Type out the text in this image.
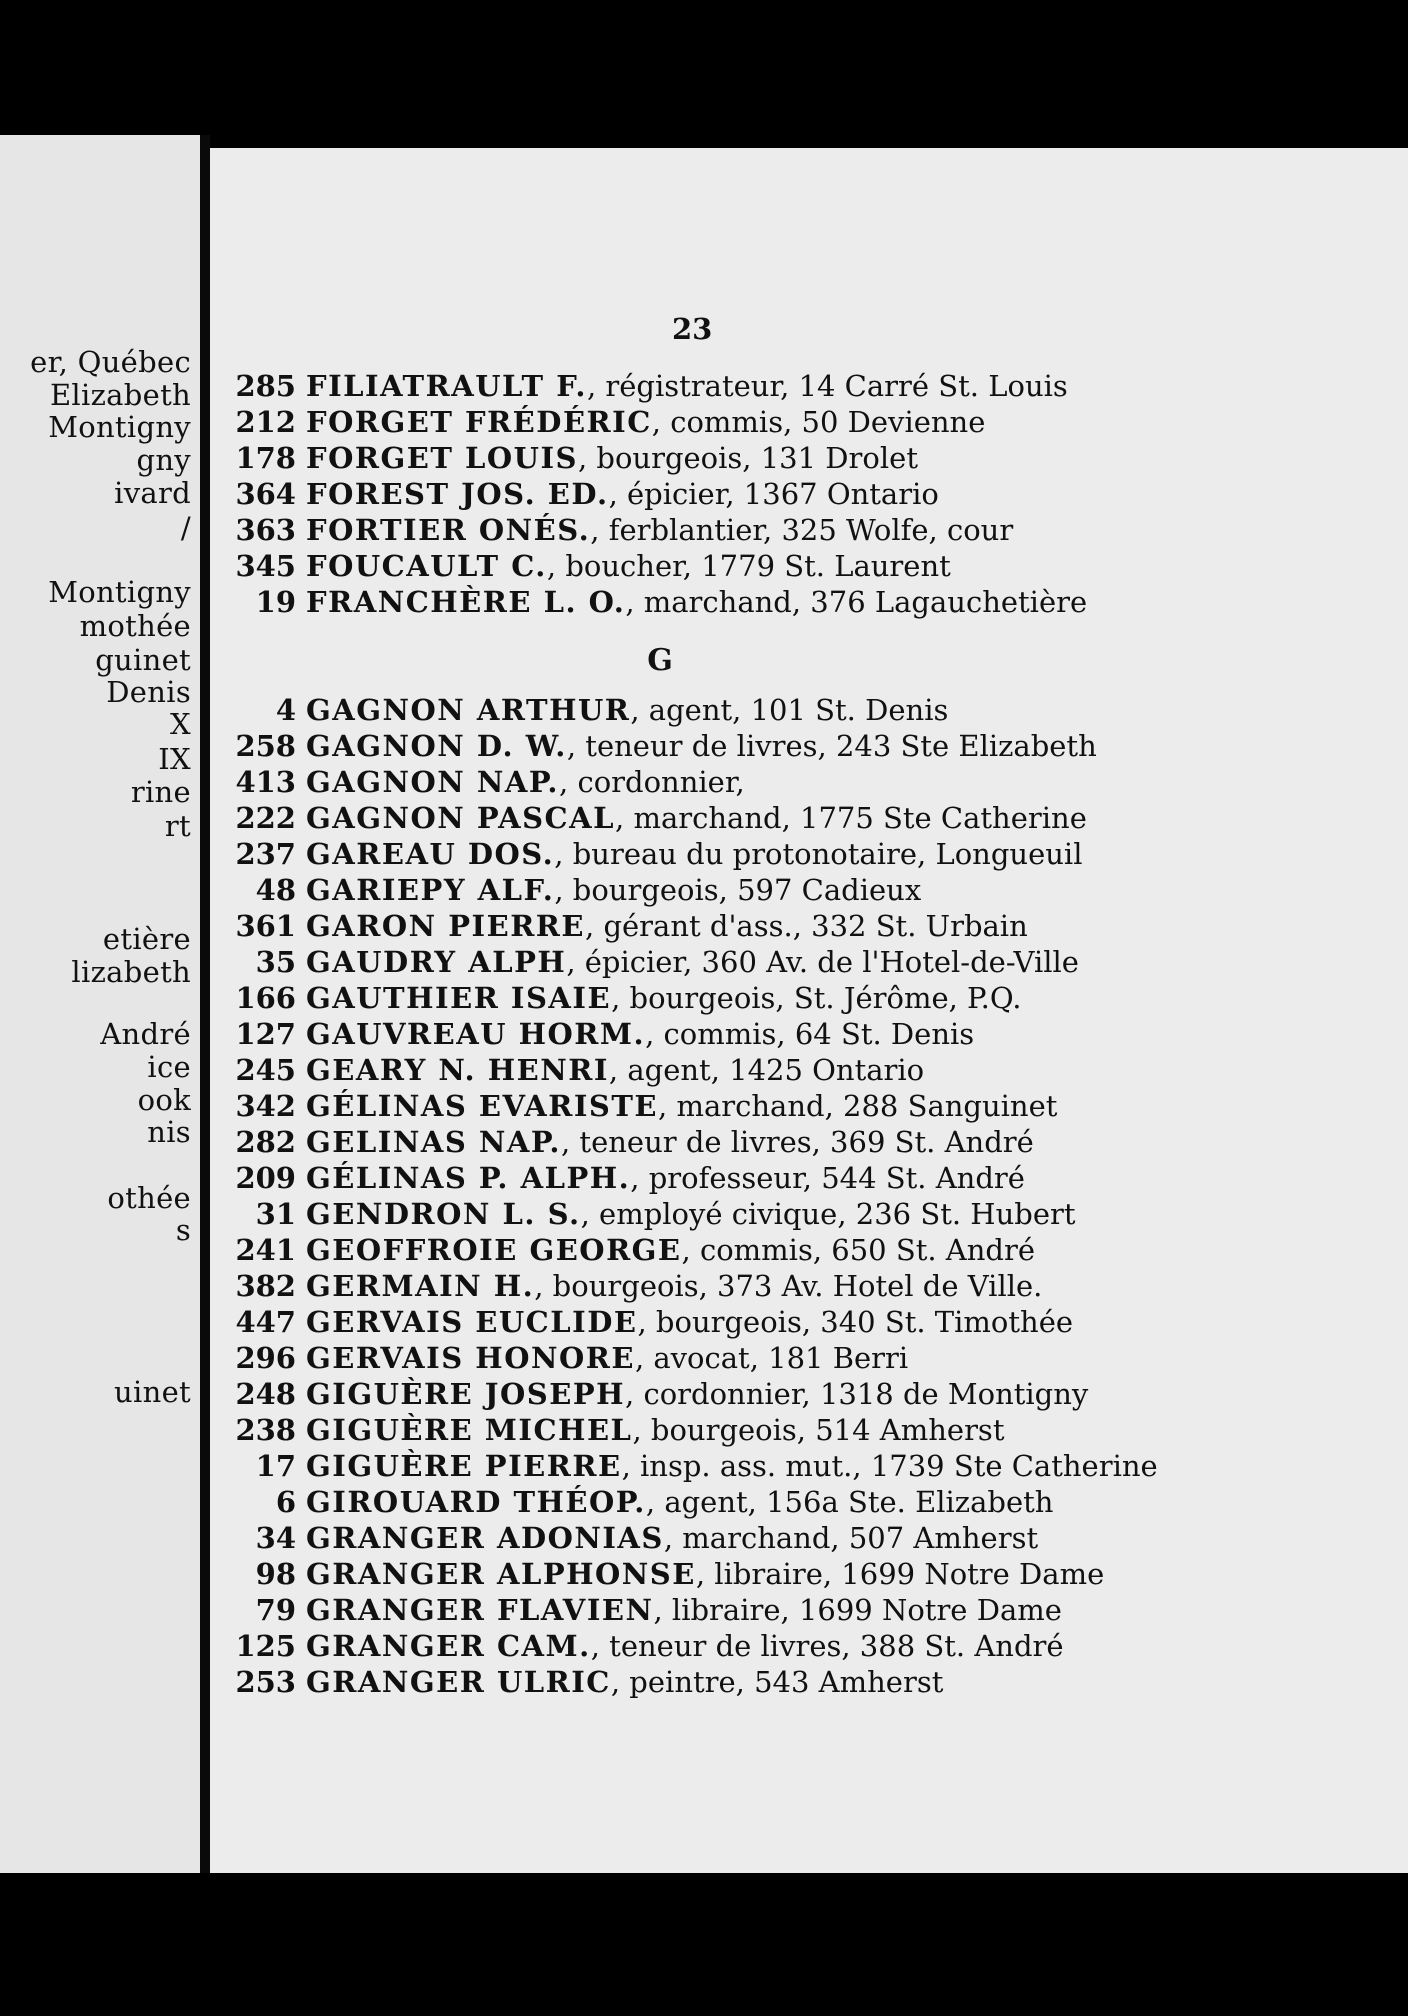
er, Québec
Elizabeth
Montigny
gny
ivard
/
Montigny
mothée
guinet
Denis
X
IX
rine
rt
etière
lizabeth
André
ice
ook
nis
othée
s
uinet
23
285 FILIATRAULT F., régistrateur, 14 Carré St. Louis
212 FORGET FRÉDÉRIC, commis, 50 Devienne
178 FORGET LOUIS, bourgeois, 131 Drolet
364 FOREST JOS. ED., épicier, 1367 Ontario
363 FORTIER ONÉS., ferblantier, 325 Wolfe, cour
345 FOUCAULT C., boucher, 1779 St. Laurent
19 FRANCHÈRE L. O., marchand, 376 Lagauchetière
G
4 GAGNON ARTHUR, agent, 101 St. Denis
258 GAGNON D. W., teneur de livres, 243 Ste Elizabeth
413 GAGNON NAP., cordonnier,
222 GAGNON PASCAL, marchand, 1775 Ste Catherine
237 GAREAU DOS., bureau du protonotaire, Longueuil
48 GARIEPY ALF., bourgeois, 597 Cadieux
361 GARON PIERRE, gérant d'ass., 332 St. Urbain
35 GAUDRY ALPH, épicier, 360 Av. de l'Hotel-de-Ville
166 GAUTHIER ISAIE, bourgeois, St. Jérôme, P.Q.
127 GAUVREAU HORM., commis, 64 St. Denis
245 GEARY N. HENRI, agent, 1425 Ontario
342 GÉLINAS EVARISTE, marchand, 288 Sanguinet
282 GELINAS NAP., teneur de livres, 369 St. André
209 GÉLINAS P. ALPH., professeur, 544 St. André
31 GENDRON L. S., employé civique, 236 St. Hubert
241 GEOFFROIE GEORGE, commis, 650 St. André
382 GERMAIN H., bourgeois, 373 Av. Hotel de Ville.
447 GERVAIS EUCLIDE, bourgeois, 340 St. Timothée
296 GERVAIS HONORE, avocat, 181 Berri
248 GIGUÈRE JOSEPH, cordonnier, 1318 de Montigny
238 GIGUÈRE MICHEL, bourgeois, 514 Amherst
17 GIGUÈRE PIERRE, insp. ass. mut., 1739 Ste Catherine
6 GIROUARD THÉOP., agent, 156a Ste. Elizabeth
34 GRANGER ADONIAS, marchand, 507 Amherst
98 GRANGER ALPHONSE, libraire, 1699 Notre Dame
79 GRANGER FLAVIEN, libraire, 1699 Notre Dame
125 GRANGER CAM., teneur de livres, 388 St. André
253 GRANGER ULRIC, peintre, 543 Amherst
